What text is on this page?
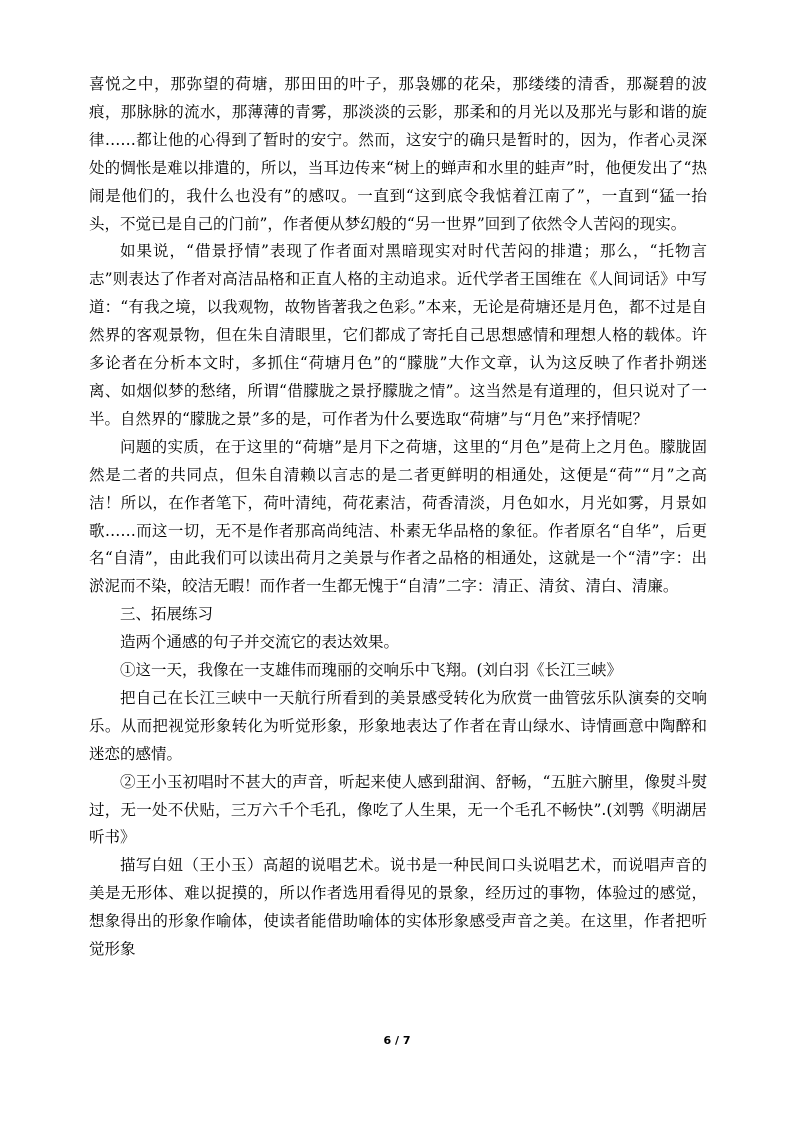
喜悦之中，那弥望的荷塘，那田田的叶子，那袅娜的花朵，那缕缕的清香，那凝碧的波痕，那脉脉的流水，那薄薄的青雾，那淡淡的云影，那柔和的月光以及那光与影和谐的旋律……都让他的心得到了暂时的安宁。然而，这安宁的确只是暂时的，因为，作者心灵深处的惆怅是难以排遣的，所以，当耳边传来“树上的蝉声和水里的蛙声”时，他便发出了“热闹是他们的，我什么也没有”的感叹。一直到“这到底令我惦着江南了”，一直到“猛一抬头，不觉已是自己的门前”，作者便从梦幻般的“另一世界”回到了依然令人苦闷的现实。

如果说，“借景抒情”表现了作者面对黑暗现实对时代苦闷的排遣；那么，“托物言志”则表达了作者对高洁品格和正直人格的主动追求。近代学者王国维在《人间词话》中写道：“有我之境，以我观物，故物皆著我之色彩。”本来，无论是荷塘还是月色，都不过是自然界的客观景物，但在朱自清眼里，它们都成了寄托自己思想感情和理想人格的载体。许多论者在分析本文时，多抓住“荷塘月色”的“朦胧”大作文章，认为这反映了作者扑朔迷离、如烟似梦的愁绪，所谓“借朦胧之景抒朦胧之情”。这当然是有道理的，但只说对了一半。自然界的“朦胧之景”多的是，可作者为什么要选取“荷塘”与“月色”来抒情呢？

问题的实质，在于这里的“荷塘”是月下之荷塘，这里的“月色”是荷上之月色。朦胧固然是二者的共同点，但朱自清赖以言志的是二者更鲜明的相通处，这便是“荷”“月”之高洁！所以，在作者笔下，荷叶清纯，荷花素洁，荷香清淡，月色如水，月光如雾，月景如歌……而这一切，无不是作者那高尚纯洁、朴素无华品格的象征。作者原名“自华”，后更名“自清”，由此我们可以读出荷月之美景与作者之品格的相通处，这就是一个“清”字：出淤泥而不染，皎洁无暇！而作者一生都无愧于“自清”二字：清正、清贫、清白、清廉。

三、拓展练习

造两个通感的句子并交流它的表达效果。

①这一天，我像在一支雄伟而瑰丽的交响乐中飞翔。(刘白羽《长江三峡》

把自己在长江三峡中一天航行所看到的美景感受转化为欣赏一曲管弦乐队演奏的交响乐。从而把视觉形象转化为听觉形象，形象地表达了作者在青山绿水、诗情画意中陶醉和迷恋的感情。

②王小玉初唱时不甚大的声音，听起来使人感到甜润、舒畅，“五脏六腑里，像熨斗熨过，无一处不伏贴，三万六千个毛孔，像吃了人生果，无一个毛孔不畅快”.(刘鹗《明湖居听书》

描写白妞（王小玉）高超的说唱艺术。说书是一种民间口头说唱艺术，而说唱声音的美是无形体、难以捉摸的，所以作者选用看得见的景象，经历过的事物，体验过的感觉，想象得出的形象作喻体，使读者能借助喻体的实体形象感受声音之美。在这里，作者把听觉形象

6 / 7
